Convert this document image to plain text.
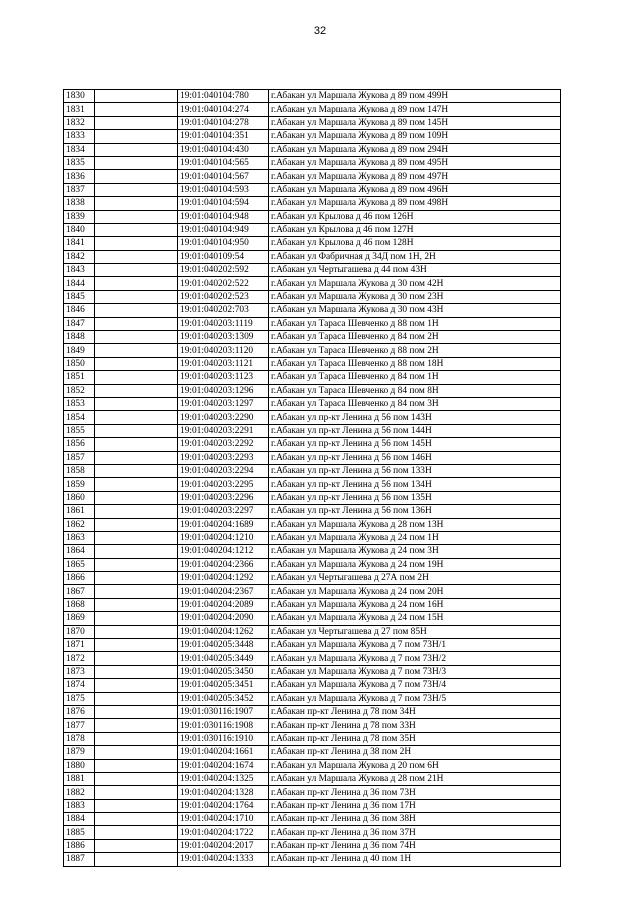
32
1830		19:01:040104:780	г.Абакан ул Маршала Жукова д 89 пом 499Н
1831		19:01:040104:274	г.Абакан ул Маршала Жукова д 89 пом 147Н
1832		19:01:040104:278	г.Абакан ул Маршала Жукова д 89 пом 145Н
1833		19:01:040104:351	г.Абакан ул Маршала Жукова д 89 пом 109Н
1834		19:01:040104:430	г.Абакан ул Маршала Жукова д 89 пом 294Н
1835		19:01:040104:565	г.Абакан ул Маршала Жукова д 89 пом 495Н
1836		19:01:040104:567	г.Абакан ул Маршала Жукова д 89 пом 497Н
1837		19:01:040104:593	г.Абакан ул Маршала Жукова д 89 пом 496Н
1838		19:01:040104:594	г.Абакан ул Маршала Жукова д 89 пом 498Н
1839		19:01:040104:948	г.Абакан ул Крылова д 46 пом 126Н
1840		19:01:040104:949	г.Абакан ул Крылова д 46 пом 127Н
1841		19:01:040104:950	г.Абакан ул Крылова д 46 пом 128Н
1842		19:01:040109:54	г.Абакан ул Фабричная д 34Д пом 1Н, 2Н
1843		19:01:040202:592	г.Абакан ул Чертыгашева д 44 пом 43Н
1844		19:01:040202:522	г.Абакан ул Маршала Жукова д 30 пом 42Н
1845		19:01:040202:523	г.Абакан ул Маршала Жукова д 30 пом 23Н
1846		19:01:040202:703	г.Абакан ул Маршала Жукова д 30 пом 43Н
1847		19:01:040203:1119	г.Абакан ул Тараса Шевченко д 88 пом 1Н
1848		19:01:040203:1309	г.Абакан ул Тараса Шевченко д 84 пом 2Н
1849		19:01:040203:1120	г.Абакан ул Тараса Шевченко д 88 пом 2Н
1850		19:01:040203:1121	г.Абакан ул Тараса Шевченко д 88 пом 18Н
1851		19:01:040203:1123	г.Абакан ул Тараса Шевченко д 84 пом 1Н
1852		19:01:040203:1296	г.Абакан ул Тараса Шевченко д 84 пом 8Н
1853		19:01:040203:1297	г.Абакан ул Тараса Шевченко д 84 пом 3Н
1854		19:01:040203:2290	г.Абакан ул пр-кт Ленина д 56 пом 143Н
1855		19:01:040203:2291	г.Абакан ул пр-кт Ленина д 56 пом 144Н
1856		19:01:040203:2292	г.Абакан ул пр-кт Ленина д 56 пом 145Н
1857		19:01:040203:2293	г.Абакан ул пр-кт Ленина д 56 пом 146Н
1858		19:01:040203:2294	г.Абакан ул пр-кт Ленина д 56 пом 133Н
1859		19:01:040203:2295	г.Абакан ул пр-кт Ленина д 56 пом 134Н
1860		19:01:040203:2296	г.Абакан ул пр-кт Ленина д 56 пом 135Н
1861		19:01:040203:2297	г.Абакан ул пр-кт Ленина д 56 пом 136Н
1862		19:01:040204:1689	г.Абакан ул Маршала Жукова д 28 пом 13Н
1863		19:01:040204:1210	г.Абакан ул Маршала Жукова д 24 пом 1Н
1864		19:01:040204:1212	г.Абакан ул Маршала Жукова д 24 пом 3Н
1865		19:01:040204:2366	г.Абакан ул Маршала Жукова д 24 пом 19Н
1866		19:01:040204:1292	г.Абакан ул Чертыгашева д 27А пом 2Н
1867		19:01:040204:2367	г.Абакан ул Маршала Жукова д 24 пом 20Н
1868		19:01:040204:2089	г.Абакан ул Маршала Жукова д 24 пом 16Н
1869		19:01:040204:2090	г.Абакан ул Маршала Жукова д 24 пом 15Н
1870		19:01:040204:1262	г.Абакан ул Чертыгашева д 27 пом 85Н
1871		19:01:040205:3448	г.Абакан ул Маршала Жукова д 7 пом 73Н/1
1872		19:01:040205:3449	г.Абакан ул Маршала Жукова д 7 пом 73Н/2
1873		19:01:040205:3450	г.Абакан ул Маршала Жукова д 7 пом 73Н/3
1874		19:01:040205:3451	г.Абакан ул Маршала Жукова д 7 пом 73Н/4
1875		19:01:040205:3452	г.Абакан ул Маршала Жукова д 7 пом 73Н/5
1876		19:01:030116:1907	г.Абакан пр-кт Ленина д 78 пом 34Н
1877		19:01:030116:1908	г.Абакан пр-кт Ленина д 78 пом 33Н
1878		19:01:030116:1910	г.Абакан пр-кт Ленина д 78 пом 35Н
1879		19:01:040204:1661	г.Абакан пр-кт Ленина д 38 пом 2Н
1880		19:01:040204:1674	г.Абакан ул Маршала Жукова д 20 пом 6Н
1881		19:01:040204:1325	г.Абакан ул Маршала Жукова д 28 пом 21Н
1882		19:01:040204:1328	г.Абакан пр-кт Ленина д 36 пом 73Н
1883		19:01:040204:1764	г.Абакан пр-кт Ленина д 36 пом 17Н
1884		19:01:040204:1710	г.Абакан пр-кт Ленина д 36 пом 38Н
1885		19:01:040204:1722	г.Абакан пр-кт Ленина д 36 пом 37Н
1886		19:01:040204:2017	г.Абакан пр-кт Ленина д 36 пом 74Н
1887		19:01:040204:1333	г.Абакан пр-кт Ленина д 40 пом 1Н
